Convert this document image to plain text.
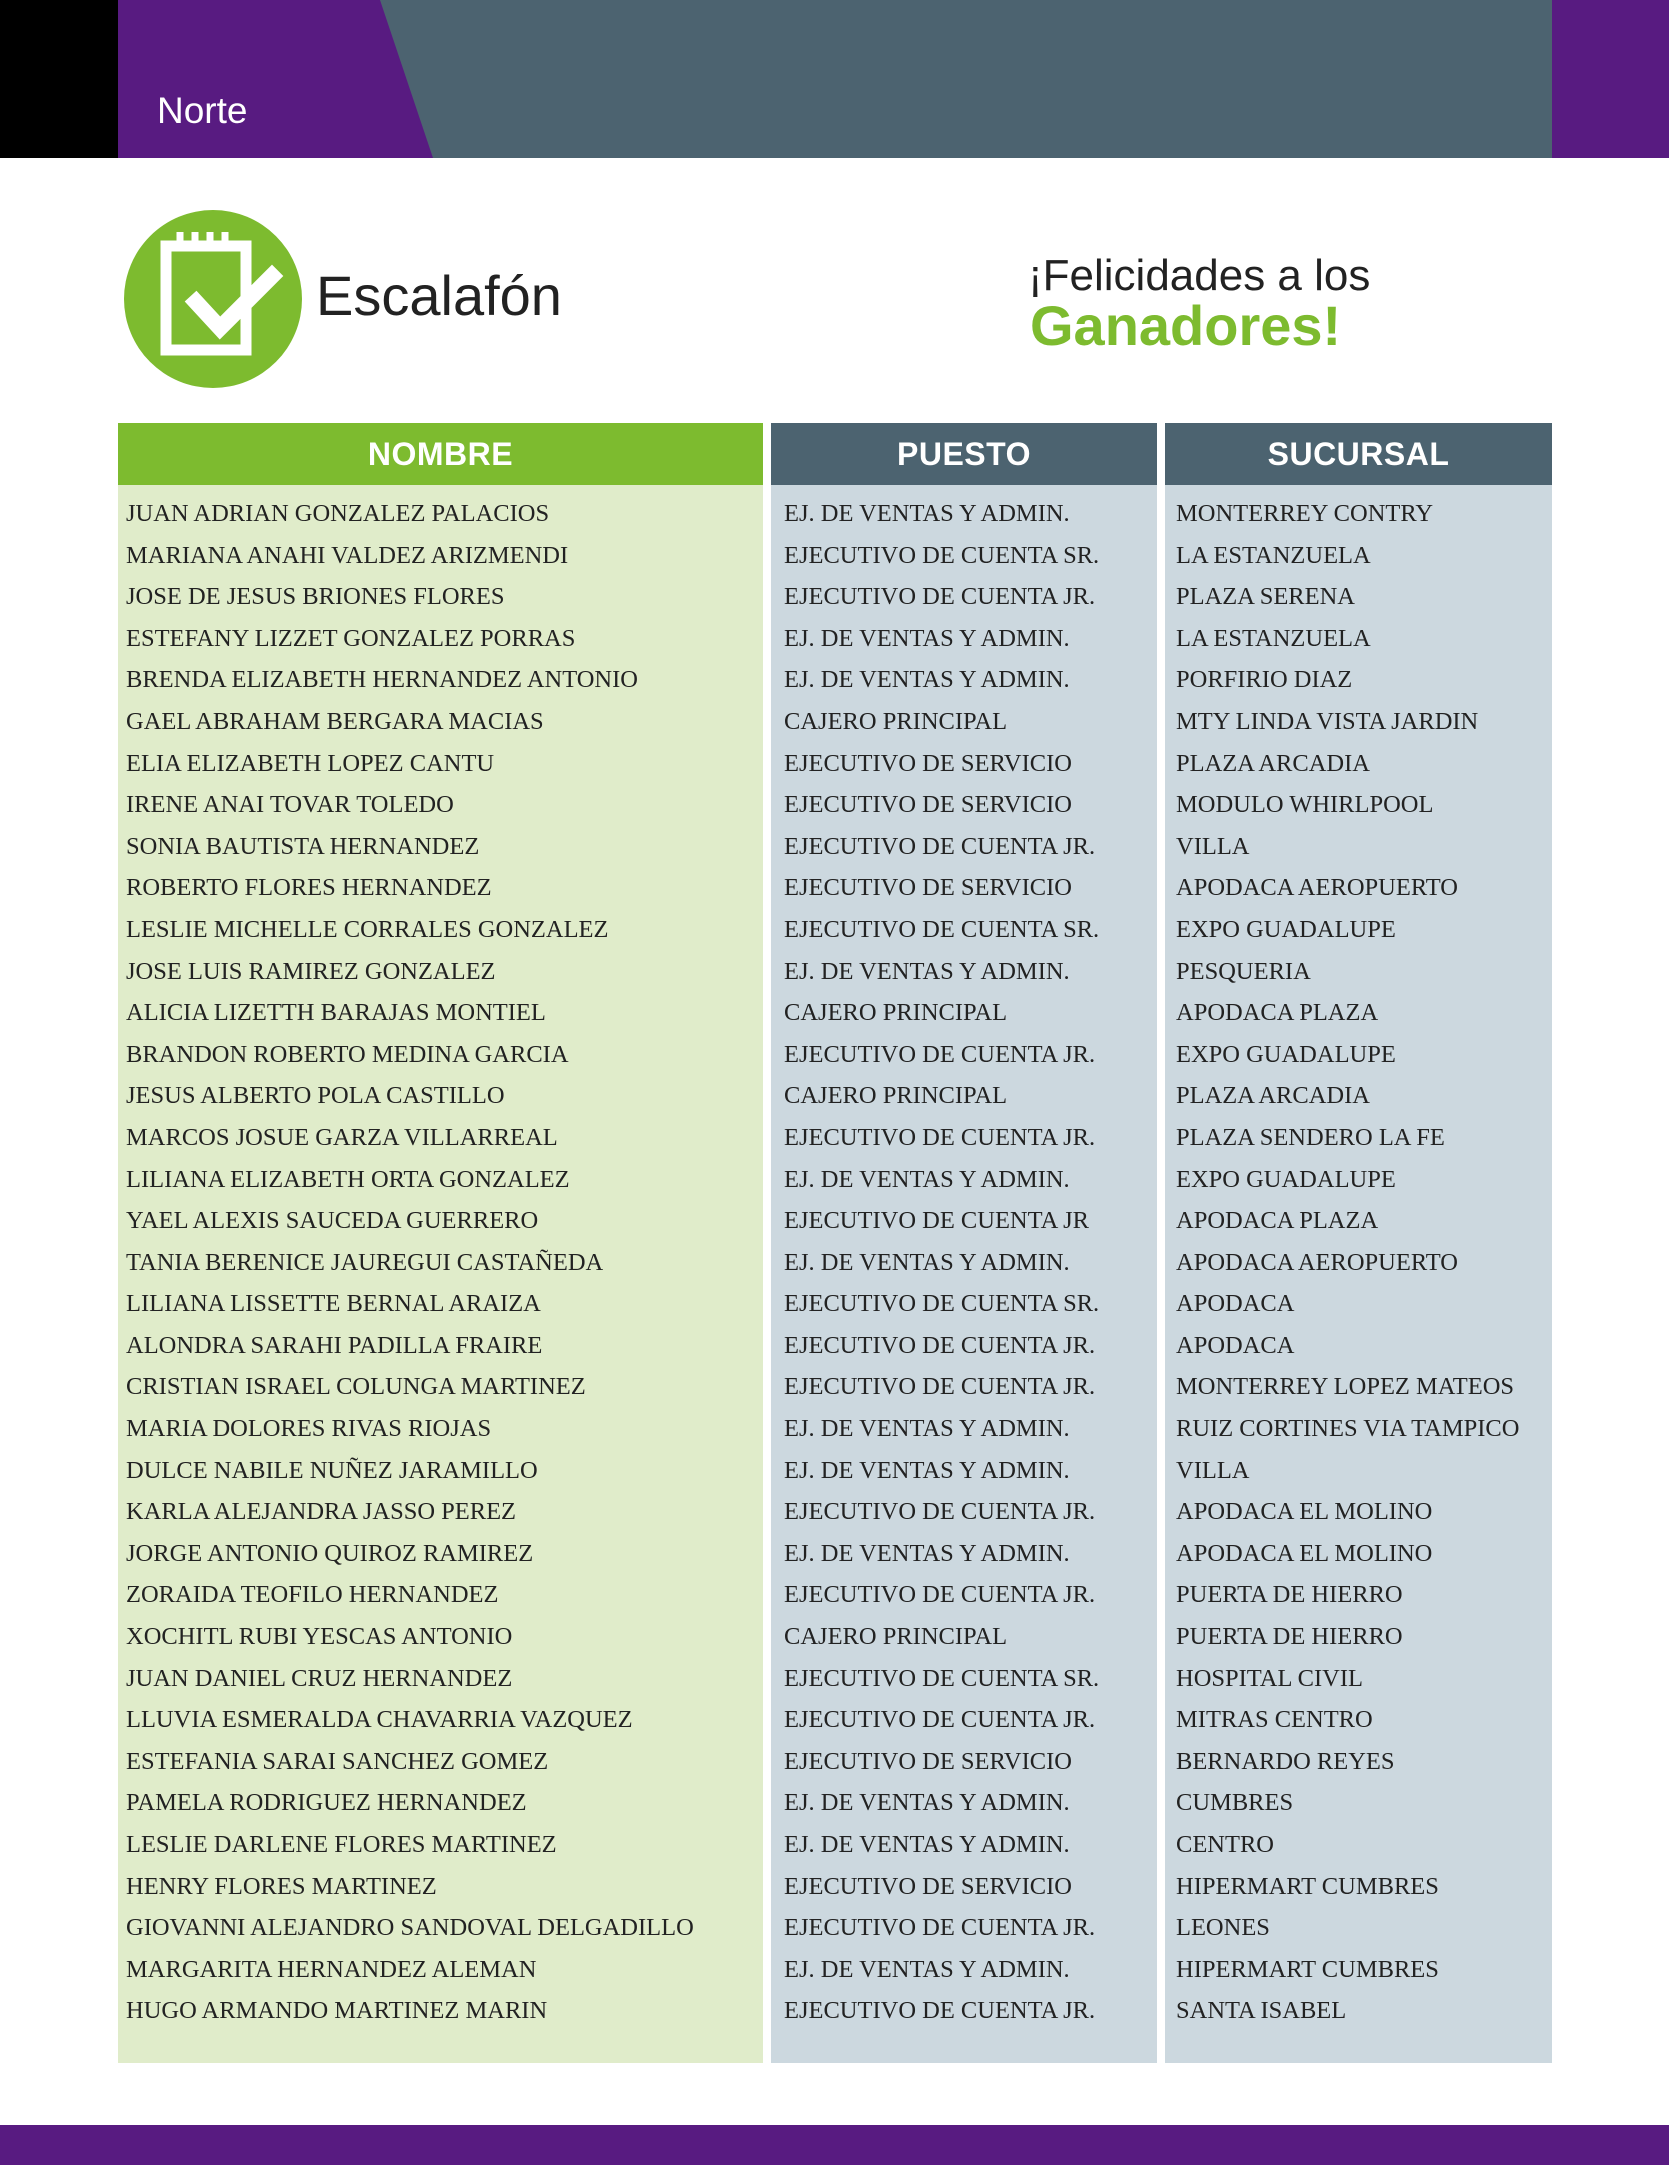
Norte
Escalafón	¡Felicidades a los
Ganadores!
NOMBRE
JUAN ADRIAN GONZALEZ PALACIOS
MARIANA ANAHI VALDEZ ARIZMENDI
JOSE DE JESUS BRIONES FLORES
ESTEFANY LIZZET GONZALEZ PORRAS
BRENDA ELIZABETH HERNANDEZ ANTONIO
GAEL ABRAHAM BERGARA MACIAS
ELIA ELIZABETH LOPEZ CANTU
IRENE ANAI TOVAR TOLEDO
SONIA BAUTISTA HERNANDEZ
ROBERTO FLORES HERNANDEZ
LESLIE MICHELLE CORRALES GONZALEZ
JOSE LUIS RAMIREZ GONZALEZ
ALICIA LIZETTH BARAJAS MONTIEL
BRANDON ROBERTO MEDINA GARCIA
JESUS ALBERTO POLA CASTILLO
MARCOS JOSUE GARZA VILLARREAL
LILIANA ELIZABETH ORTA GONZALEZ
YAEL ALEXIS SAUCEDA GUERRERO
TANIA BERENICE JAUREGUI CASTAÑEDA
LILIANA LISSETTE BERNAL ARAIZA
ALONDRA SARAHI PADILLA FRAIRE
CRISTIAN ISRAEL COLUNGA MARTINEZ
MARIA DOLORES RIVAS RIOJAS
DULCE NABILE NUÑEZ JARAMILLO
KARLA ALEJANDRA JASSO PEREZ
JORGE ANTONIO QUIROZ RAMIREZ
ZORAIDA TEOFILO HERNANDEZ
XOCHITL RUBI YESCAS ANTONIO
JUAN DANIEL CRUZ HERNANDEZ
LLUVIA ESMERALDA CHAVARRIA VAZQUEZ
ESTEFANIA SARAI SANCHEZ GOMEZ
PAMELA RODRIGUEZ HERNANDEZ
LESLIE DARLENE FLORES MARTINEZ
HENRY FLORES MARTINEZ
GIOVANNI ALEJANDRO SANDOVAL DELGADILLO
MARGARITA HERNANDEZ ALEMAN
HUGO ARMANDO MARTINEZ MARIN
PUESTO
EJ. DE VENTAS Y ADMIN.
EJECUTIVO DE CUENTA SR.
EJECUTIVO DE CUENTA JR.
EJ. DE VENTAS Y ADMIN.
EJ. DE VENTAS Y ADMIN.
CAJERO PRINCIPAL
EJECUTIVO DE SERVICIO
EJECUTIVO DE SERVICIO
EJECUTIVO DE CUENTA JR.
EJECUTIVO DE SERVICIO
EJECUTIVO DE CUENTA SR.
EJ. DE VENTAS Y ADMIN.
CAJERO PRINCIPAL
EJECUTIVO DE CUENTA JR.
CAJERO PRINCIPAL
EJECUTIVO DE CUENTA JR.
EJ. DE VENTAS Y ADMIN.
EJECUTIVO DE CUENTA JR
EJ. DE VENTAS Y ADMIN.
EJECUTIVO DE CUENTA SR.
EJECUTIVO DE CUENTA JR.
EJECUTIVO DE CUENTA JR.
EJ. DE VENTAS Y ADMIN.
EJ. DE VENTAS Y ADMIN.
EJECUTIVO DE CUENTA JR.
EJ. DE VENTAS Y ADMIN.
EJECUTIVO DE CUENTA JR.
CAJERO PRINCIPAL
EJECUTIVO DE CUENTA SR.
EJECUTIVO DE CUENTA JR.
EJECUTIVO DE SERVICIO
EJ. DE VENTAS Y ADMIN.
EJ. DE VENTAS Y ADMIN.
EJECUTIVO DE SERVICIO
EJECUTIVO DE CUENTA JR.
EJ. DE VENTAS Y ADMIN.
EJECUTIVO DE CUENTA JR.
SUCURSAL
MONTERREY CONTRY
LA ESTANZUELA
PLAZA SERENA
LA ESTANZUELA
PORFIRIO DIAZ
MTY LINDA VISTA JARDIN
PLAZA ARCADIA
MODULO WHIRLPOOL
VILLA
APODACA AEROPUERTO
EXPO GUADALUPE
PESQUERIA
APODACA PLAZA
EXPO GUADALUPE
PLAZA ARCADIA
PLAZA SENDERO LA FE
EXPO GUADALUPE
APODACA PLAZA
APODACA AEROPUERTO
APODACA
APODACA
MONTERREY LOPEZ MATEOS
RUIZ CORTINES VIA TAMPICO
VILLA
APODACA EL MOLINO
APODACA EL MOLINO
PUERTA DE HIERRO
PUERTA DE HIERRO
HOSPITAL CIVIL
MITRAS CENTRO
BERNARDO REYES
CUMBRES
CENTRO
HIPERMART CUMBRES
LEONES
HIPERMART CUMBRES
SANTA ISABEL
